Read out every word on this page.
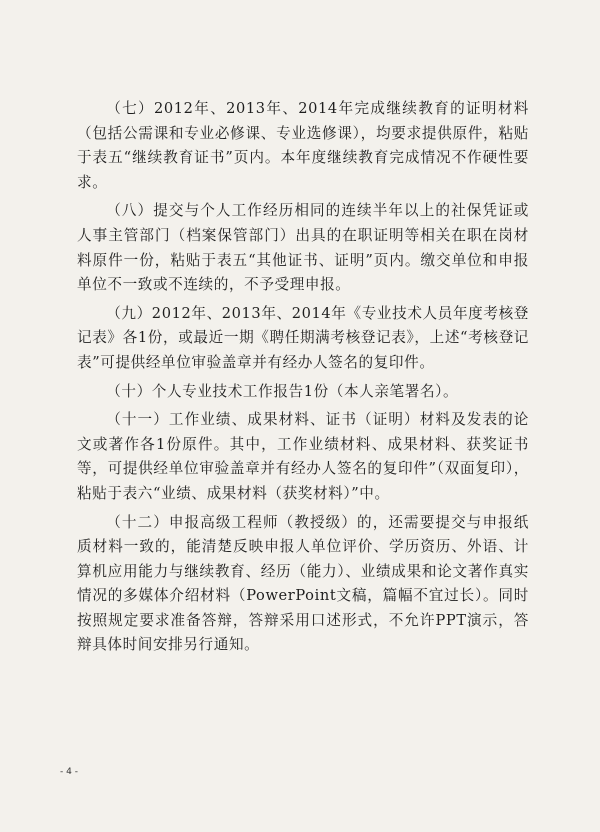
（七）2012年、2013年、2014年完成继续教育的证明材料（包括公需课和专业必修课、专业选修课），均要求提供原件，粘贴于表五“继续教育证书”页内。本年度继续教育完成情况不作硬性要求。

（八）提交与个人工作经历相同的连续半年以上的社保凭证或人事主管部门（档案保管部门）出具的在职证明等相关在职在岗材料原件一份，粘贴于表五“其他证书、证明”页内。缴交单位和申报单位不一致或不连续的，不予受理申报。

（九）2012年、2013年、2014年《专业技术人员年度考核登记表》各1份，或最近一期《聘任期满考核登记表》，上述“考核登记表”可提供经单位审验盖章并有经办人签名的复印件。

（十）个人专业技术工作报告1份（本人亲笔署名）。

（十一）工作业绩、成果材料、证书（证明）材料及发表的论文或著作各1份原件。其中，工作业绩材料、成果材料、获奖证书等，可提供经单位审验盖章并有经办人签名的复印件”（双面复印），粘贴于表六“业绩、成果材料（获奖材料）”中。

（十二）申报高级工程师（教授级）的，还需要提交与申报纸质材料一致的，能清楚反映申报人单位评价、学历资历、外语、计算机应用能力与继续教育、经历（能力）、业绩成果和论文著作真实情况的多媒体介绍材料（PowerPoint文稿，篇幅不宜过长）。同时按照规定要求准备答辩，答辩采用口述形式，不允许PPT演示，答辩具体时间安排另行通知。

- 4 -
